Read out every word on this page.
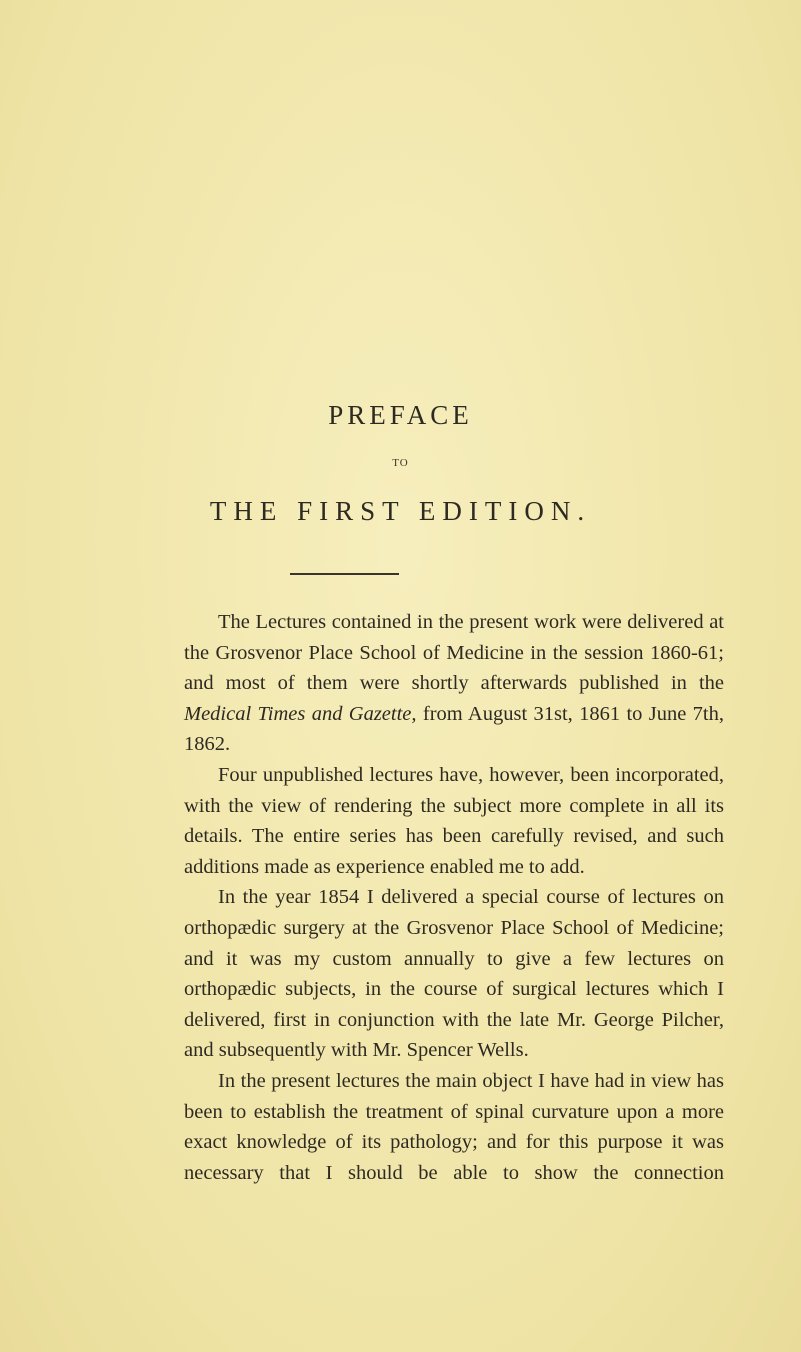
PREFACE
TO
THE FIRST EDITION.

The Lectures contained in the present work were delivered at the Grosvenor Place School of Medicine in the session 1860-61; and most of them were shortly afterwards published in the Medical Times and Gazette, from August 31st, 1861 to June 7th, 1862.

Four unpublished lectures have, however, been incorporated, with the view of rendering the subject more complete in all its details. The entire series has been carefully revised, and such additions made as experience enabled me to add.

In the year 1854 I delivered a special course of lectures on orthopædic surgery at the Grosvenor Place School of Medicine; and it was my custom annually to give a few lectures on orthopædic subjects, in the course of surgical lectures which I delivered, first in conjunction with the late Mr. George Pilcher, and subsequently with Mr. Spencer Wells.

In the present lectures the main object I have had in view has been to establish the treatment of spinal curvature upon a more exact knowledge of its pathology; and for this purpose it was necessary that I should be able to show the connection
